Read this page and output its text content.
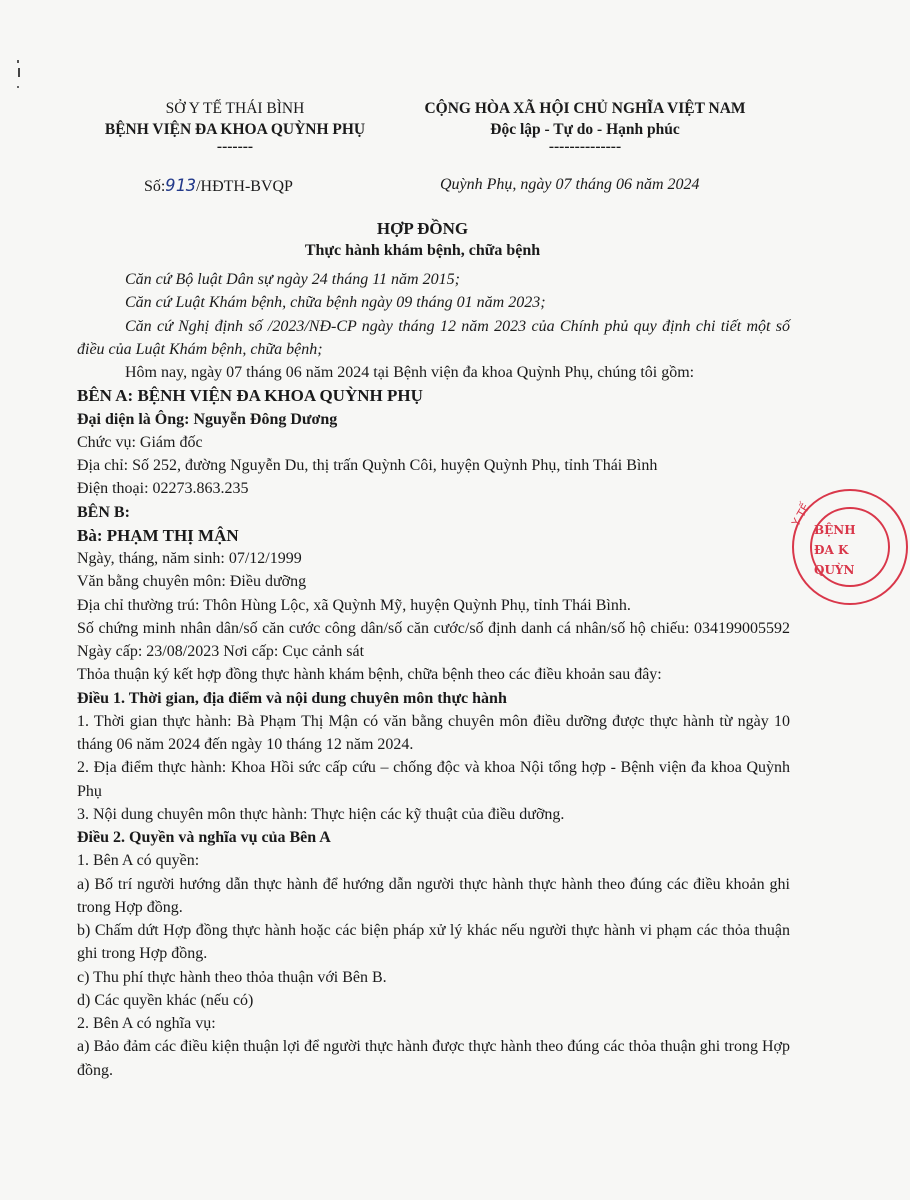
SỞ Y TẾ THÁI BÌNH
BỆNH VIỆN ĐA KHOA QUỲNH PHỤ
-------
CỘNG HÒA XÃ HỘI CHỦ NGHĨA VIỆT NAM
Độc lập - Tự do - Hạnh phúc
--------------
Số:913/HĐTH-BVQP	Quỳnh Phụ, ngày 07 tháng 06 năm 2024
HỢP ĐỒNG
Thực hành khám bệnh, chữa bệnh

Căn cứ Bộ luật Dân sự ngày 24 tháng 11 năm 2015;

Căn cứ Luật Khám bệnh, chữa bệnh ngày 09 tháng 01 năm 2023;

Căn cứ Nghị định số /2023/NĐ-CP ngày tháng 12 năm 2023 của Chính phủ quy định chi tiết một số điều của Luật Khám bệnh, chữa bệnh;

Hôm nay, ngày 07 tháng 06 năm 2024 tại Bệnh viện đa khoa Quỳnh Phụ, chúng tôi gồm:

BÊN A: BỆNH VIỆN ĐA KHOA QUỲNH PHỤ

Đại diện là Ông: Nguyễn Đông Dương

Chức vụ: Giám đốc

Địa chỉ: Số 252, đường Nguyễn Du, thị trấn Quỳnh Côi, huyện Quỳnh Phụ, tỉnh Thái Bình

Điện thoại: 02273.863.235

BÊN B:

Bà: PHẠM THỊ MẬN

Ngày, tháng, năm sinh: 07/12/1999

Văn bằng chuyên môn: Điều dưỡng

Địa chỉ thường trú: Thôn Hùng Lộc, xã Quỳnh Mỹ, huyện Quỳnh Phụ, tỉnh Thái Bình.

Số chứng minh nhân dân/số căn cước công dân/số căn cước/số định danh cá nhân/số hộ chiếu: 034199005592 Ngày cấp: 23/08/2023 Nơi cấp: Cục cảnh sát

Thỏa thuận ký kết hợp đồng thực hành khám bệnh, chữa bệnh theo các điều khoản sau đây:

Điều 1. Thời gian, địa điểm và nội dung chuyên môn thực hành

1. Thời gian thực hành: Bà Phạm Thị Mận có văn bằng chuyên môn điều dưỡng được thực hành từ ngày 10 tháng 06 năm 2024 đến ngày 10 tháng 12 năm 2024.

2. Địa điểm thực hành: Khoa Hồi sức cấp cứu – chống độc và khoa Nội tổng hợp - Bệnh viện đa khoa Quỳnh Phụ

3. Nội dung chuyên môn thực hành: Thực hiện các kỹ thuật của điều dưỡng.

Điều 2. Quyền và nghĩa vụ của Bên A

1. Bên A có quyền:

a) Bố trí người hướng dẫn thực hành để hướng dẫn người thực hành thực hành theo đúng các điều khoản ghi trong Hợp đồng.

b) Chấm dứt Hợp đồng thực hành hoặc các biện pháp xử lý khác nếu người thực hành vi phạm các thỏa thuận ghi trong Hợp đồng.

c) Thu phí thực hành theo thỏa thuận với Bên B.

d) Các quyền khác (nếu có)

2. Bên A có nghĩa vụ:

a) Bảo đảm các điều kiện thuận lợi để người thực hành được thực hành theo đúng các thỏa thuận ghi trong Hợp đồng.

Y TẾ
BỆNH
ĐA K
QUỲN
